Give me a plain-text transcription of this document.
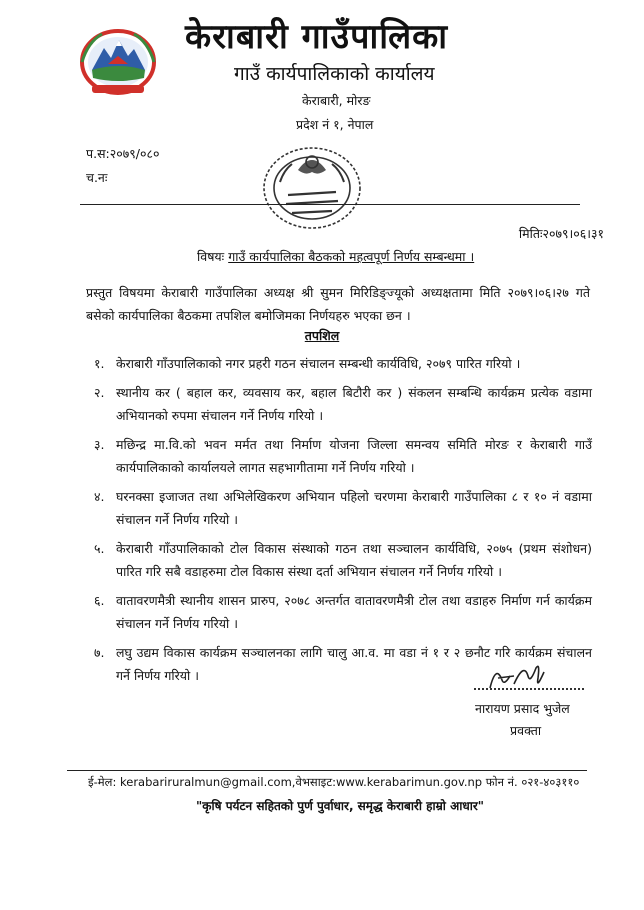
केराबारी गाउँपालिका
गाउँ कार्यपालिकाको कार्यालय
केराबारी, मोरङ
प्रदेश नं १, नेपाल
प.स:२०७९/०८०
च.नः
मितिः२०७९।०६।३१
विषयः गाउँ कार्यपालिका बैठकको महत्वपूर्ण निर्णय सम्बन्धमा ।
प्रस्तुत विषयमा केराबारी गाउँपालिका अध्यक्ष श्री सुमन मिरिडिङ्ज्यूको अध्यक्षतामा मिति २०७९।०६।२७ गते बसेको कार्यपालिका बैठकमा तपशिल बमोजिमका निर्णयहरु भएका छन ।
तपशिल
१. केराबारी गाँउपालिकाको नगर प्रहरी गठन संचालन सम्बन्धी कार्यविधि, २०७९ पारित गरियो ।
२. स्थानीय कर ( बहाल कर, व्यवसाय कर, बहाल बिटौरी कर ) संकलन सम्बन्धि कार्यक्रम प्रत्येक वडामा अभियानको रुपमा संचालन गर्ने निर्णय गरियो ।
३. मछिन्द्र मा.वि.को भवन मर्मत तथा निर्माण योजना जिल्ला समन्वय समिति मोरङ र केराबारी गाउँ कार्यपालिकाको कार्यालयले लागत सहभागीतामा गर्ने निर्णय गरियो ।
४. घरनक्सा इजाजत तथा अभिलेखिकरण अभियान पहिलो चरणमा केराबारी गाउँपालिका ८ र १० नं वडामा संचालन गर्ने निर्णय गरियो ।
५. केराबारी गाँउपालिकाको टोल विकास संस्थाको गठन तथा सञ्चालन कार्यविधि, २०७५ (प्रथम संशोधन) पारित गरि सबै वडाहरुमा टोल विकास संस्था दर्ता अभियान संचालन गर्ने निर्णय गरियो ।
६. वातावरणमैत्री स्थानीय शासन प्रारुप, २०७८ अन्तर्गत वातावरणमैत्री टोल तथा वडाहरु निर्माण गर्न कार्यक्रम संचालन गर्ने निर्णय गरियो ।
७. लघु उद्यम विकास कार्यक्रम सञ्चालनका लागि चालु आ.व. मा वडा नं १ र २ छनौट गरि कार्यक्रम संचालन गर्ने निर्णय गरियो ।
नारायण प्रसाद भुजेल
प्रवक्ता
ई-मेल: kerabariruralmun@gmail.com,वेभसाइट:www.kerabarimun.gov.np फोन नं. ०२१-४०३११०
"कृषि पर्यटन सहितको पुर्ण पुर्वाधार, समृद्ध केराबारी हाम्रो आधार"
